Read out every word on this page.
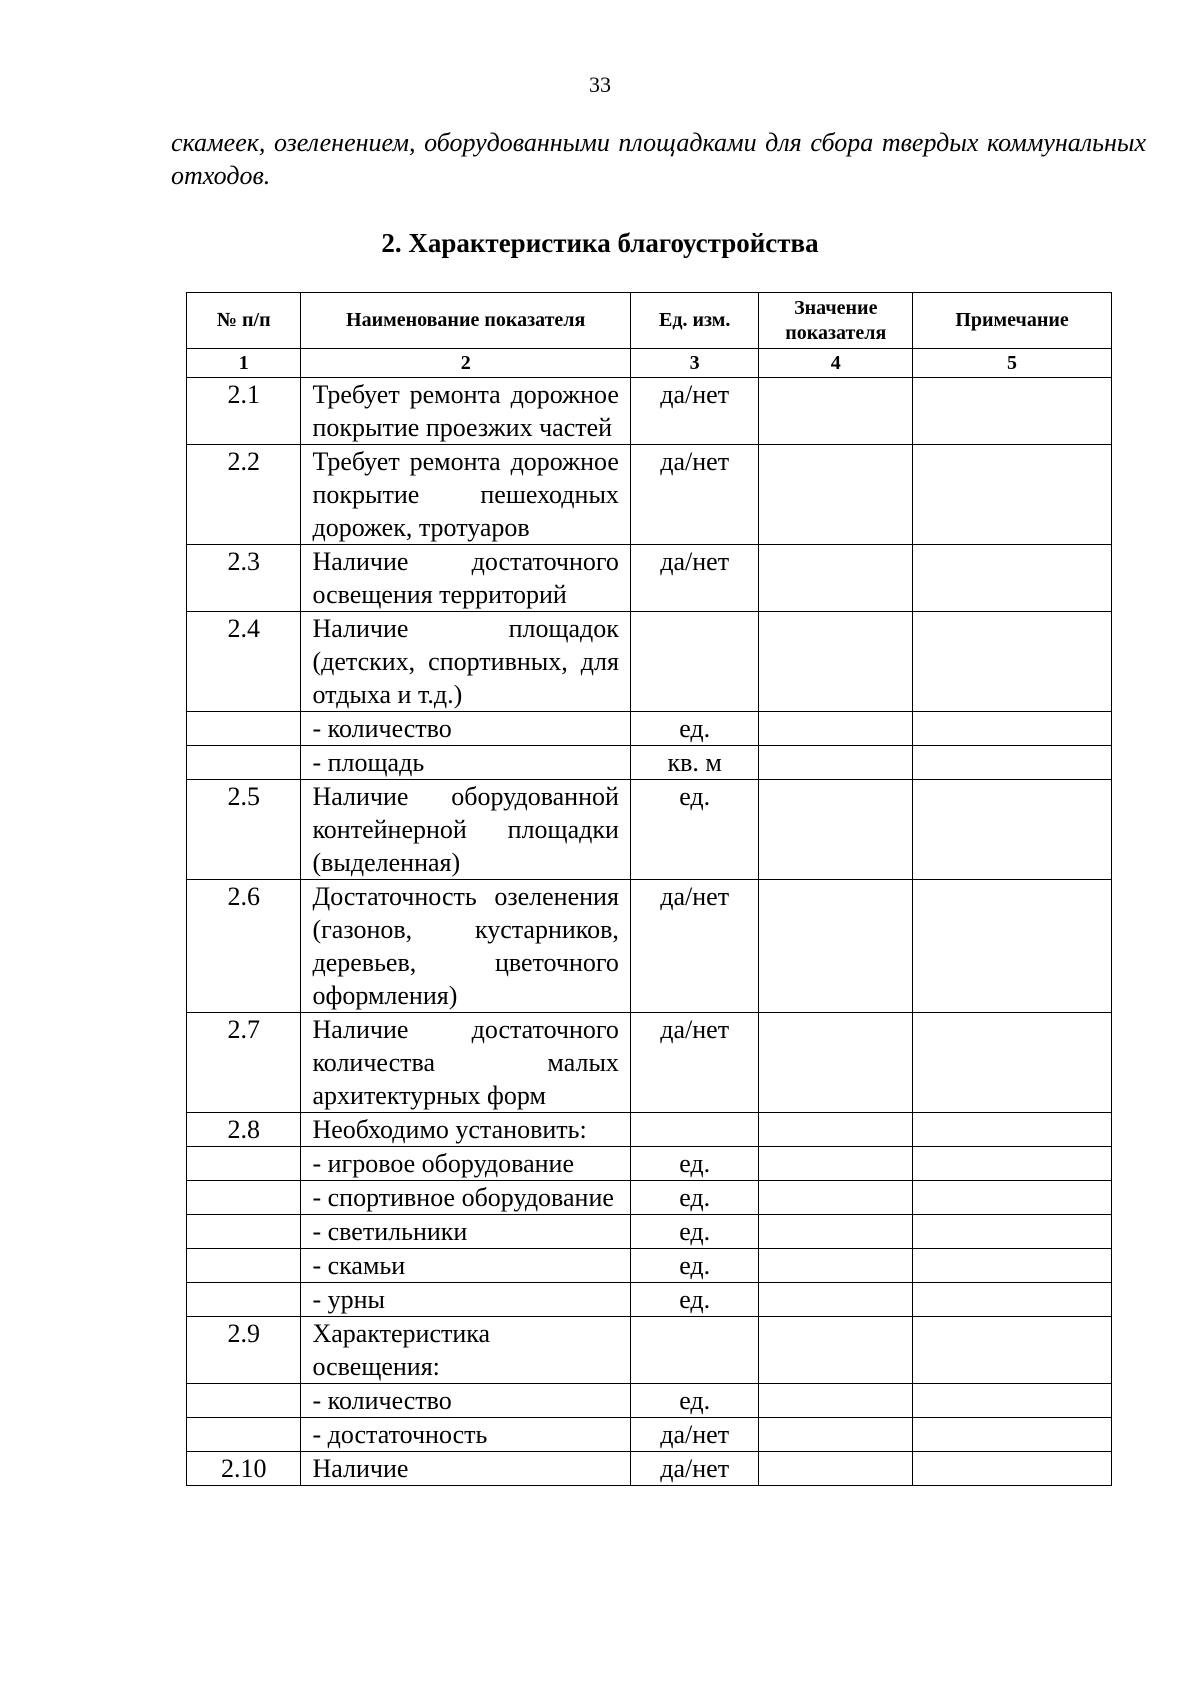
33

скамеек, озеленением, оборудованными площадками для сбора твердых коммунальных отходов.

2. Характеристика благоустройства
№ п/п	Наименование показателя	Ед. изм.	Значение показателя	Примечание
1	2	3	4	5
2.1	Требует ремонта дорожное покрытие проезжих частей	да/нет		
2.2	Требует ремонта дорожное покрытие пешеходных дорожек, тротуаров	да/нет		
2.3	Наличие достаточного освещения территорий	да/нет		
2.4	Наличие площадок (детских, спортивных, для отдыха и т.д.)			
	- количество	ед.		
	- площадь	кв. м		
2.5	Наличие оборудованной контейнерной площадки (выделенная)	ед.		
2.6	Достаточность озеленения (газонов, кустарников, деревьев, цветочного оформления)	да/нет		
2.7	Наличие достаточного количества малых архитектурных форм	да/нет		
2.8	Необходимо установить:			
	- игровое оборудование	ед.		
	- спортивное оборудование	ед.		
	- светильники	ед.		
	- скамьи	ед.		
	- урны	ед.		
2.9	Характеристика освещения:			
	- количество	ед.		
	- достаточность	да/нет		
2.10	Наличие	да/нет		
